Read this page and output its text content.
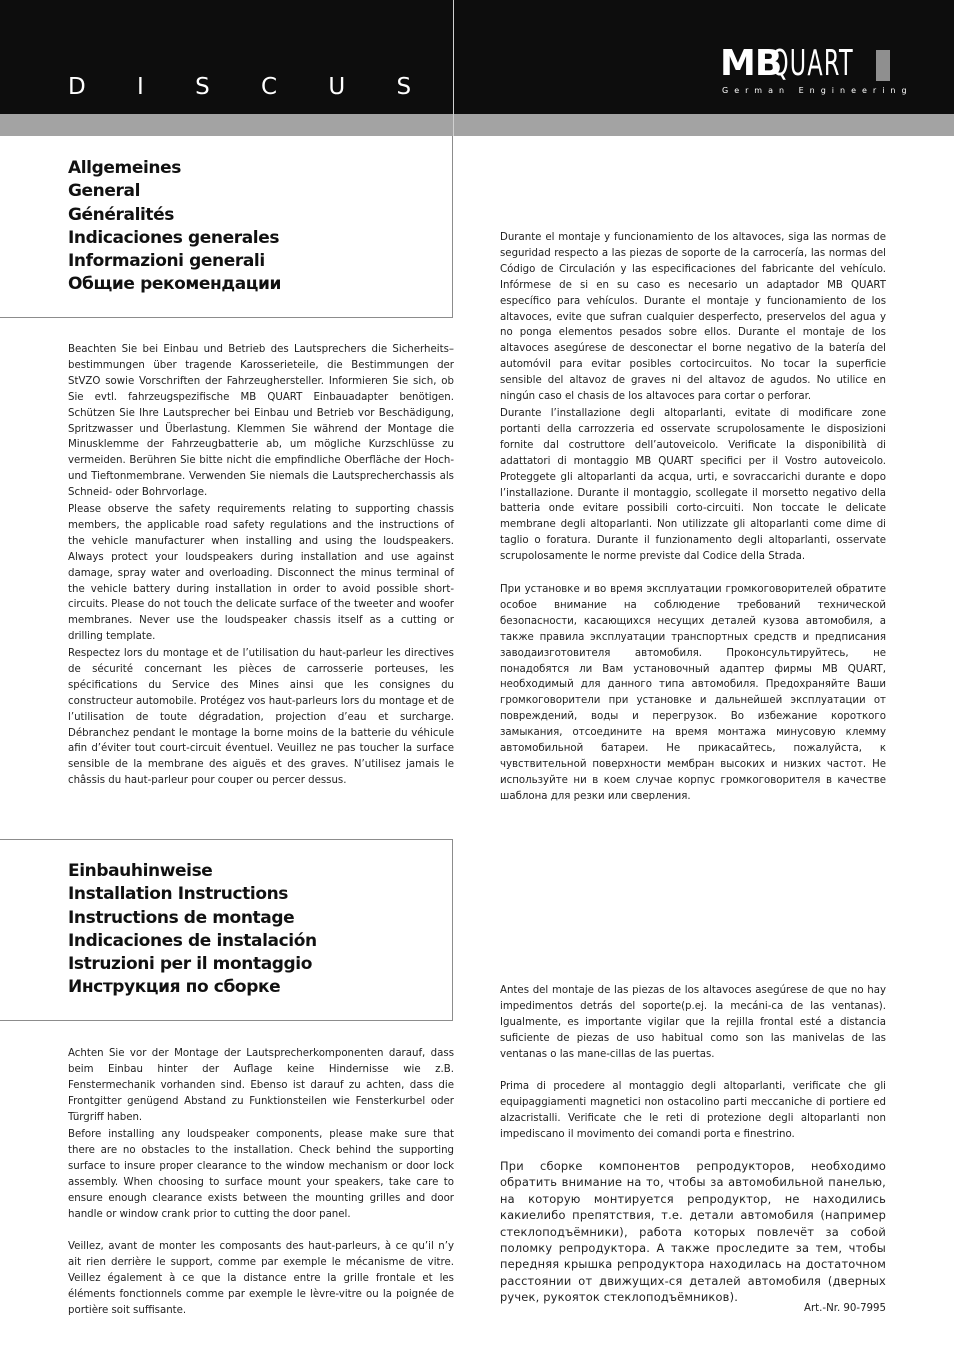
D I S C U S
MB
QUART
German Engineering
Allgemeines
General
Généralités
Indicaciones generales
Informazioni generali
Общие рекомендации

Beachten Sie bei Einbau und Betrieb des Lautsprechers die Sicherheits–bestimmungen über tragende Karosserieteile, die Bestimmungen der StVZO sowie Vorschriften der Fahrzeughersteller. Informieren Sie sich, ob Sie evtl. fahrzeugspezifische MB QUART Einbauadapter benötigen. Schützen Sie Ihre Lautsprecher bei Einbau und Betrieb vor Beschädigung, Spritzwasser und Überlastung. Klemmen Sie während der Montage die Minusklemme der Fahrzeugbatterie ab, um mögliche Kurzschlüsse zu vermeiden. Berühren Sie bitte nicht die empfindliche Oberfläche der Hoch- und Tieftonmembrane. Verwenden Sie niemals die Lautsprecherchassis als Schneid- oder Bohrvorlage.

Please observe the safety requirements relating to supporting chassis members, the applicable road safety regulations and the instructions of the vehicle manufacturer when installing and using the loudspeakers. Always protect your loudspeakers during installation and use against damage, spray water and overloading. Disconnect the minus terminal of the vehicle battery during installation in order to avoid possible short-circuits. Please do not touch the delicate surface of the tweeter and woofer membranes. Never use the loudspeaker chassis itself as a cutting or drilling template.

Respectez lors du montage et de l’utilisation du haut-parleur les directives de sécurité concernant les pièces de carrosserie porteuses, les spécifications du Service des Mines ainsi que les consignes du constructeur automobile. Protégez vos haut-parleurs lors du montage et de l’utilisation de toute dégradation, projection d’eau et surcharge. Débranchez pendant le montage la borne moins de la batterie du véhicule afin d’éviter tout court-circuit éventuel. Veuillez ne pas toucher la surface sensible de la membrane des aiguës et des graves. N’utilisez jamais le châssis du haut-parleur pour couper ou percer dessus.

Durante el montaje y funcionamiento de los altavoces, siga las normas de seguridad respecto a las piezas de soporte de la carrocería, las normas del Código de Circulación y las especificaciones del fabricante del vehículo. Infórmese de si en su caso es necesario un adaptador MB QUART específico para vehículos. Durante el montaje y funcionamiento de los altavoces, evite que sufran cualquier desperfecto, preservelos del agua y no ponga elementos pesados sobre ellos. Durante el montaje de los altavoces asegúrese de desconectar el borne negativo de la batería del automóvil para evitar posibles cortocircuitos. No tocar la superficie sensible del altavoz de graves ni del altavoz de agudos. No utilice en ningún caso el chasis de los altavoces para cortar o perforar.

Durante l’installazione degli altoparlanti, evitate di modificare zone portanti della carrozzeria ed osservate scrupolosamente le disposizioni fornite dal costruttore dell’autoveicolo. Verificate la disponibilità di adattatori di montaggio MB QUART specifici per il Vostro autoveicolo. Proteggete gli altoparlanti da acqua, urti, e sovraccarichi durante e dopo l’installazione. Durante il montaggio, scollegate il morsetto negativo della batteria onde evitare possibili corto-circuiti. Non toccate le delicate membrane degli altoparlanti. Non utilizzate gli altoparlanti come dime di taglio o foratura. Durante il funzionamento degli altoparlanti, osservate scrupolosamente le norme previste dal Codice della Strada.

При установке и во время эксплуатации громкоговорителей обратите особое внимание на соблюдение требований технической безопасности, касающихся несущих деталей кузова автомобиля, а также правила эксплуатации транспортных средств и предписания заводаизготовителя автомобиля. Проконсультируйтесь, не понадобятся ли Вам установочный адаптер фирмы MB QUART, необходимый для данного типа автомобиля. Предохраняйте Ваши громкоговорители при установке и дальнейшей эксплуатации от повреждений, воды и перегрузок. Во избежание короткого замыкания, отсоедините на время монтажа минусовую клемму автомобильной батареи. Не прикасайтесь, пожалуйста, к чувствительной поверхности мембран высоких и низких частот. Не используйте ни в коем случае корпус громкоговорителя в качестве шаблона для резки или сверления.

Einbauhinweise
Installation Instructions
Instructions de montage
Indicaciones de instalación
Istruzioni per il montaggio
Инструкция по сборке

Achten Sie vor der Montage der Lautsprecherkomponenten darauf, dass beim Einbau hinter der Auflage keine Hindernisse wie z.B. Fenstermechanik vorhanden sind. Ebenso ist darauf zu achten, dass die Frontgitter genügend Abstand zu Funktionsteilen wie Fensterkurbel oder Türgriff haben.

Before installing any loudspeaker components, please make sure that there are no obstacles to the installation. Check behind the supporting surface to insure proper clearance to the window mechanism or door lock assembly. When choosing to surface mount your speakers, take care to ensure enough clearance exists between the mounting grilles and door handle or window crank prior to cutting the door panel.

Veillez, avant de monter les composants des haut-parleurs, à ce qu’il n’y ait rien derrière le support, comme par exemple le mécanisme de vitre. Veillez également à ce que la distance entre la grille frontale et les éléments fonctionnels comme par exemple le lèvre-vitre ou la poignée de portière soit suffisante.

Antes del montaje de las piezas de los altavoces asegúrese de que no hay impedimentos detrás del soporte(p.ej. la mecáni-ca de las ventanas). Igualmente, es importante vigilar que la rejilla frontal esté a distancia suficiente de piezas de uso habitual como son las manivelas de las ventanas o las mane-cillas de las puertas.

Prima di procedere al montaggio degli altoparlanti, verificate che gli equipaggiamenti magnetici non ostacolino parti meccaniche di portiere ed alzacristalli. Verificate che le reti di protezione degli altoparlanti non impediscano il movimento dei comandi porta e finestrino.

При сборке компонентов репродукторов, необходимо обратить внимание на то, чтобы за автомобильной панелью, на которую монтируется репродуктор, не находились какиелибо препятствия, т.е. детали автомобиля (например стеклоподъёмники), работа которых повлечёт за собой поломку репродуктора. А также проследите за тем, чтобы передняя крышка репродуктора находилась на достаточном расстоянии от движущих-ся деталей автомобиля (дверных ручек, рукояток стеклоподъёмников).

Art.-Nr. 90-7995
